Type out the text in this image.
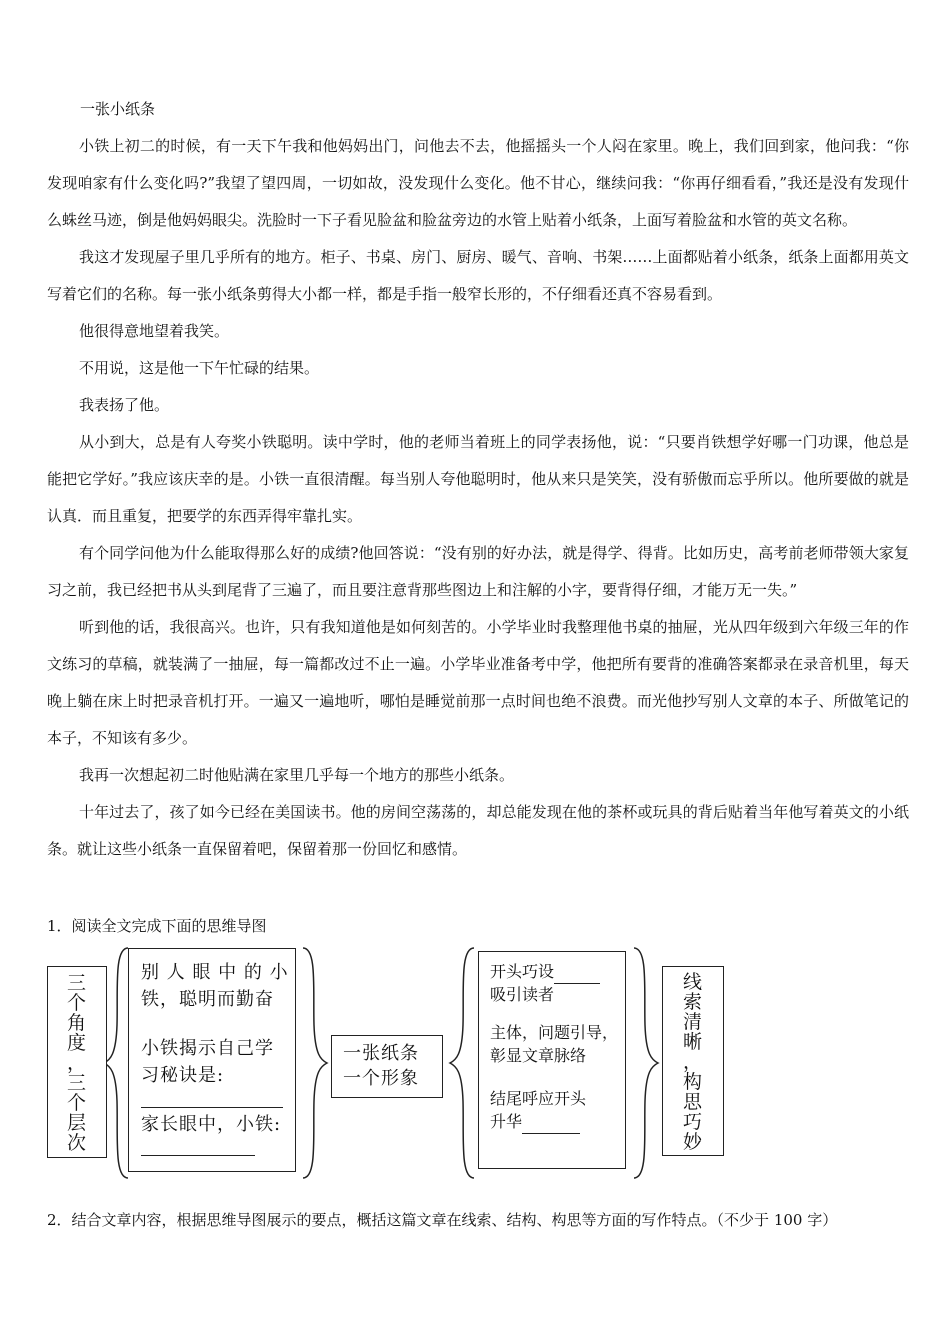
一张小纸条

小铁上初二的时候，有一天下午我和他妈妈出门，问他去不去，他摇摇头一个人闷在家里。晚上，我们回到家，他问我：“你发现咱家有什么变化吗?”我望了望四周，一切如故，没发现什么变化。他不甘心，继续问我：“你再仔细看看，”我还是没有发现什么蛛丝马迹，倒是他妈妈眼尖。洗脸时一下子看见脸盆和脸盆旁边的水管上贴着小纸条，上面写着脸盆和水管的英文名称。

我这才发现屋子里几乎所有的地方。柜子、书桌、房门、厨房、暖气、音响、书架……上面都贴着小纸条，纸条上面都用英文写着它们的名称。每一张小纸条剪得大小都一样，都是手指一般窄长形的，不仔细看还真不容易看到。

他很得意地望着我笑。

不用说，这是他一下午忙碌的结果。

我表扬了他。

从小到大，总是有人夸奖小铁聪明。读中学时，他的老师当着班上的同学表扬他，说：“只要肖铁想学好哪一门功课，他总是能把它学好。”我应该庆幸的是。小铁一直很清醒。每当别人夸他聪明时，他从来只是笑笑，没有骄傲而忘乎所以。他所要做的就是认真．而且重复，把要学的东西弄得牢靠扎实。

有个同学问他为什么能取得那么好的成绩?他回答说：“没有别的好办法，就是得学、得背。比如历史，高考前老师带领大家复习之前，我已经把书从头到尾背了三遍了，而且要注意背那些图边上和注解的小字，要背得仔细，才能万无一失。”

听到他的话，我很高兴。也许，只有我知道他是如何刻苦的。小学毕业时我整理他书桌的抽屉，光从四年级到六年级三年的作文练习的草稿，就装满了一抽屉，每一篇都改过不止一遍。小学毕业准备考中学，他把所有要背的准确答案都录在录音机里，每天晚上躺在床上时把录音机打开。一遍又一遍地听，哪怕是睡觉前那一点时间也绝不浪费。而光他抄写别人文章的本子、所做笔记的本子，不知该有多少。

我再一次想起初二时他贴满在家里几乎每一个地方的那些小纸条。

十年过去了，孩了如今已经在美国读书。他的房间空荡荡的，却总能发现在他的茶杯或玩具的背后贴着当年他写着英文的小纸条。就让这些小纸条一直保留着吧，保留着那一份回忆和感情。

1．阅读全文完成下面的思维导图
三
个
角
度
，
三
个
层
次
别 人 眼 中 的 小
铁，聪明而勤奋
小铁揭示自己学
习秘诀是:
家长眼中，小铁:
一张纸条
一个形象
开头巧设
吸引读者
主体，问题引导，
彰显文章脉络
结尾呼应开头
升华
线
索
清
晰
，
构
思
巧
妙
2．结合文章内容，根据思维导图展示的要点，概括这篇文章在线索、结构、构思等方面的写作特点。（不少于 100 字）
